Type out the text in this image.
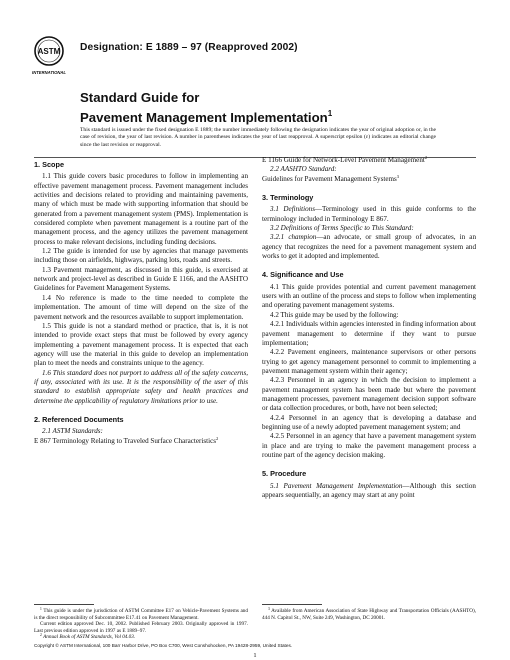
ASTM
INTERNATIONAL
Designation: E 1889 – 97 (Reapproved 2002)
Standard Guide for
Pavement Management Implementation$^1$
This standard is issued under the fixed designation E 1889; the number immediately following the designation indicates the year of original adoption or, in the case of revision, the year of last revision. A number in parentheses indicates the year of last reapproval. A superscript epsilon (ε) indicates an editorial change since the last revision or reapproval.
1. Scope

1.1 This guide covers basic procedures to follow in implementing an effective pavement management process. Pavement management includes activities and decisions related to providing and maintaining pavements, many of which must be made with supporting information that should be generated from a pavement management system (PMS). Implementation is considered complete when pavement management is a routine part of the management process, and the agency utilizes the pavement management process to make relevant decisions, including funding decisions.

1.2 The guide is intended for use by agencies that manage pavements including those on airfields, highways, parking lots, roads and streets.

1.3 Pavement management, as discussed in this guide, is exercised at network and project-level as described in Guide E 1166, and the AASHTO Guidelines for Pavement Management Systems.

1.4 No reference is made to the time needed to complete the implementation. The amount of time will depend on the size of the pavement network and the resources available to support implementation.

1.5 This guide is not a standard method or practice, that is, it is not intended to provide exact steps that must be followed by every agency implementing a pavement management process. It is expected that each agency will use the material in this guide to develop an implementation plan to meet the needs and constraints unique to the agency.

1.6 This standard does not purport to address all of the safety concerns, if any, associated with its use. It is the responsibility of the user of this standard to establish appropriate safety and health practices and determine the applicability of regulatory limitations prior to use.

2. Referenced Documents

2.1 ASTM Standards:

E 867 Terminology Relating to Traveled Surface Characteristics$^2$

E 1166 Guide for Network-Level Pavement Management$^2$

2.2 AASHTO Standard:

Guidelines for Pavement Management Systems$^3$

3. Terminology

3.1 Definitions—Terminology used in this guide conforms to the terminology included in Terminology E 867.

3.2 Definitions of Terms Specific to This Standard:

3.2.1 champion—an advocate, or small group of advocates, in an agency that recognizes the need for a pavement management system and works to get it adopted and implemented.

4. Significance and Use

4.1 This guide provides potential and current pavement management users with an outline of the process and steps to follow when implementing and operating pavement management systems.

4.2 This guide may be used by the following:

4.2.1 Individuals within agencies interested in finding information about pavement management to determine if they want to pursue implementation;

4.2.2 Pavement engineers, maintenance supervisors or other persons trying to get agency management personnel to commit to implementing a pavement management system within their agency;

4.2.3 Personnel in an agency in which the decision to implement a pavement management system has been made but where the pavement management processes, pavement management decision support software or data collection procedures, or both, have not been selected;

4.2.4 Personnel in an agency that is developing a database and beginning use of a newly adopted pavement management system; and

4.2.5 Personnel in an agency that have a pavement management system in place and are trying to make the pavement management process a routine part of the agency decision making.

5. Procedure

5.1 Pavement Management Implementation—Although this section appears sequentially, an agency may start at any point

$^1$ This guide is under the jurisdiction of ASTM Committee E17 on Vehicle-Pavement Systems and is the direct responsibility of Subcommittee E17.41 on Pavement Management.

Current edition approved Dec. 10, 2002. Published February 2003. Originally approved in 1997. Last previous edition approved in 1997 as E 1889–97.

$^2$ Annual Book of ASTM Standards, Vol 04.03.

$^3$ Available from American Association of State Highway and Transportation Officials (AASHTO), 444 N. Capitol St., NW, Suite 249, Washington, DC 20001.

Copyright © ASTM International, 100 Barr Harbor Drive, PO Box C700, West Conshohocken, PA 19428-2959, United States.
1
